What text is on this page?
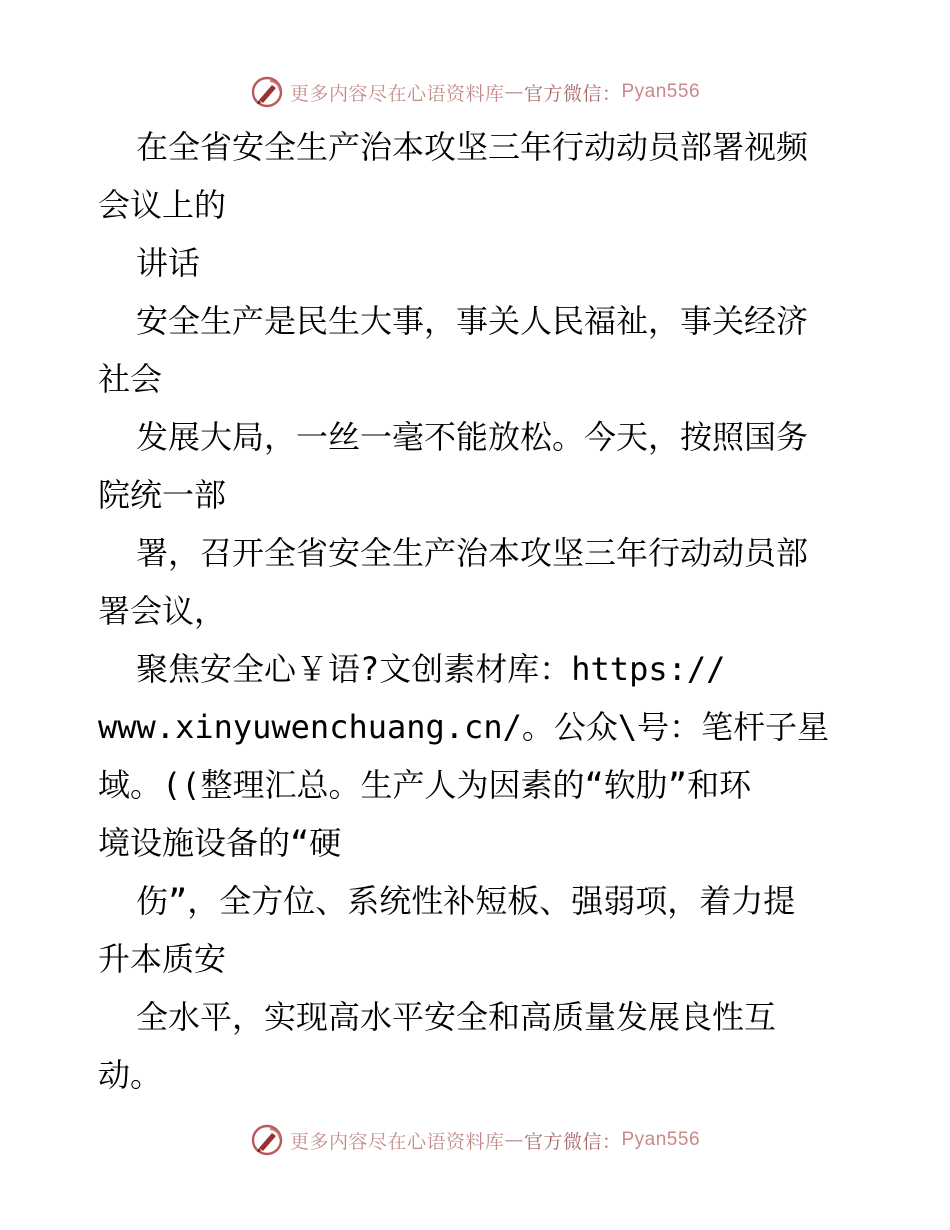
更多内容尽在心语资料库 — 官方微信： Pyan556
在全省安全生产治本攻坚三年行动动员部署视频
会议上的
讲话
安全生产是民生大事，事关人民福祉，事关经济
社会
发展大局，一丝一毫不能放松。今天，按照国务
院统一部
署，召开全省安全生产治本攻坚三年行动动员部
署会议，
聚焦安全心￥语?文创素材库：https://
www.xinyuwenchuang.cn/。公众\号：笔杆子星
域。((整理汇总。生产人为因素的“软肋”和环
境设施设备的“硬
伤”，全方位、系统性补短板、强弱项，着力提
升本质安
全水平，实现高水平安全和高质量发展良性互
动。
更多内容尽在心语资料库 — 官方微信： Pyan556
